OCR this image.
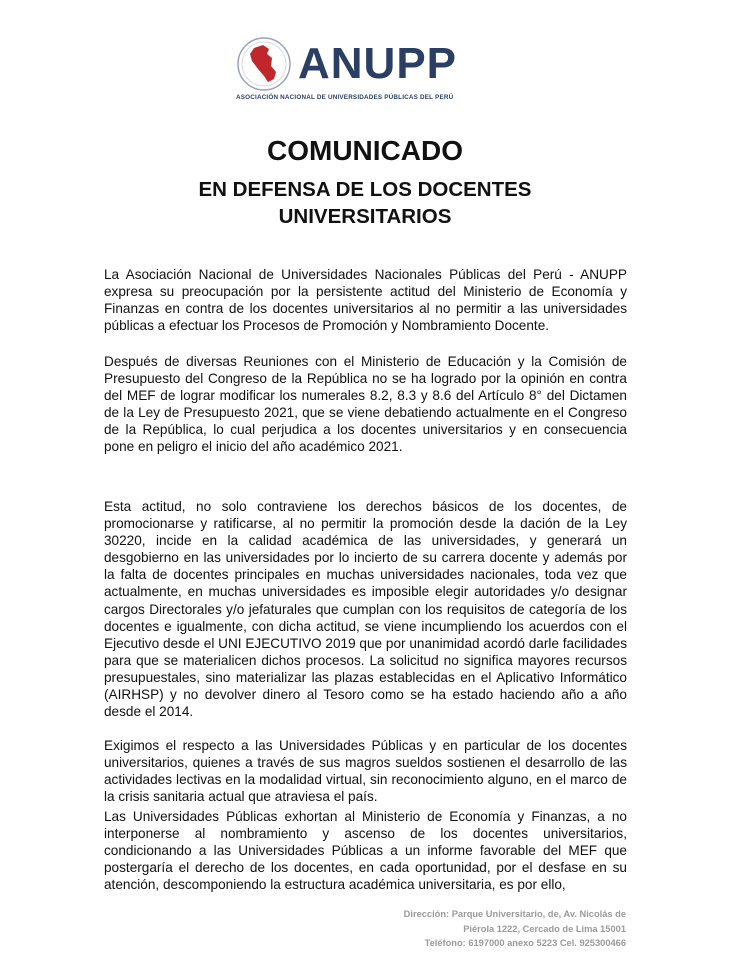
ANUPP
ASOCIACIÓN NACIONAL DE UNIVERSIDADES PÚBLICAS DEL PERÚ
COMUNICADO
EN DEFENSA DE LOS DOCENTES UNIVERSITARIOS

La Asociación Nacional de Universidades Nacionales Públicas del Perú - ANUPP expresa su preocupación por la persistente actitud del Ministerio de Economía y Finanzas en contra de los docentes universitarios al no permitir a las universidades públicas a efectuar los Procesos de Promoción y Nombramiento Docente.

Después de diversas Reuniones con el Ministerio de Educación y la Comisión de Presupuesto del Congreso de la República no se ha logrado por la opinión en contra del MEF de lograr modificar los numerales 8.2, 8.3 y 8.6 del Artículo 8° del Dictamen de la Ley de Presupuesto 2021, que se viene debatiendo actualmente en el Congreso de la República, lo cual perjudica a los docentes universitarios y en consecuencia pone en peligro el inicio del año académico 2021.

Esta actitud, no solo contraviene los derechos básicos de los docentes, de promocionarse y ratificarse, al no permitir la promoción desde la dación de la Ley 30220, incide en la calidad académica de las universidades, y generará un desgobierno en las universidades por lo incierto de su carrera docente y además por la falta de docentes principales en muchas universidades nacionales, toda vez que actualmente, en muchas universidades es imposible elegir autoridades y/o designar cargos Directorales y/o jefaturales que cumplan con los requisitos de categoría de los docentes e igualmente, con dicha actitud, se viene incumpliendo los acuerdos con el Ejecutivo desde el UNI EJECUTIVO 2019 que por unanimidad acordó darle facilidades para que se materialicen dichos procesos. La solicitud no significa mayores recursos presupuestales, sino materializar las plazas establecidas en el Aplicativo Informático (AIRHSP) y no devolver dinero al Tesoro como se ha estado haciendo año a año desde el 2014.

Exigimos el respecto a las Universidades Públicas y en particular de los docentes universitarios, quienes a través de sus magros sueldos sostienen el desarrollo de las actividades lectivas en la modalidad virtual, sin reconocimiento alguno, en el marco de la crisis sanitaria actual que atraviesa el país.

Las Universidades Públicas exhortan al Ministerio de Economía y Finanzas, a no interponerse al nombramiento y ascenso de los docentes universitarios, condicionando a las Universidades Públicas a un informe favorable del MEF que postergaría el derecho de los docentes, en cada oportunidad, por el desfase en su atención, descomponiendo la estructura académica universitaria, es por ello,

Dirección: Parque Universitario, de, Av. Nicolás de
Piérola 1222, Cercado de Lima 15001
Teléfono: 6197000 anexo 5223 Cel. 925300466
